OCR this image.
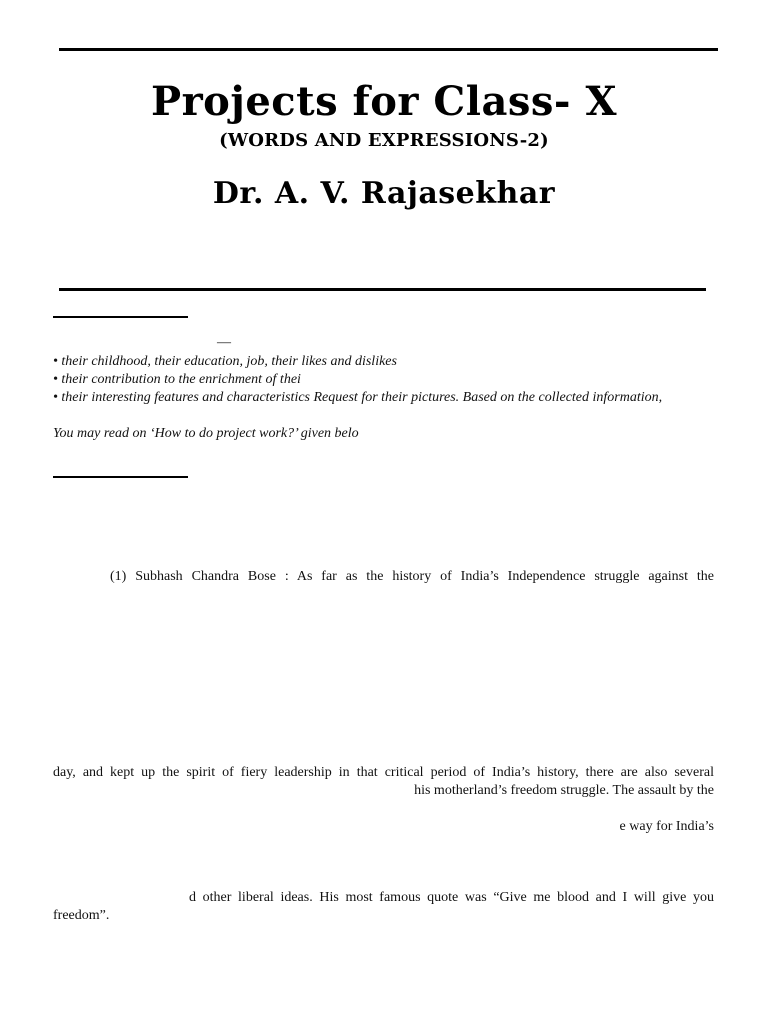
Projects for Class- X
(WORDS AND EXPRESSIONS-2)
Dr. A. V. Rajasekhar
—
• their childhood, their education, job, their likes and dislikes
• their contribution to the enrichment of thei
• their interesting features and characteristics Request for their pictures. Based on the collected information,
You may read on ‘How to do project work?’ given belo
(1) Subhash Chandra Bose : As far as the history of India’s Independence struggle against the
day, and kept up the spirit of fiery leadership in that critical period of India’s history, there are also several
his motherland’s freedom struggle. The assault by the
e way for India’s
d other liberal ideas. His most famous quote was “Give me blood and I will give you
freedom”.
